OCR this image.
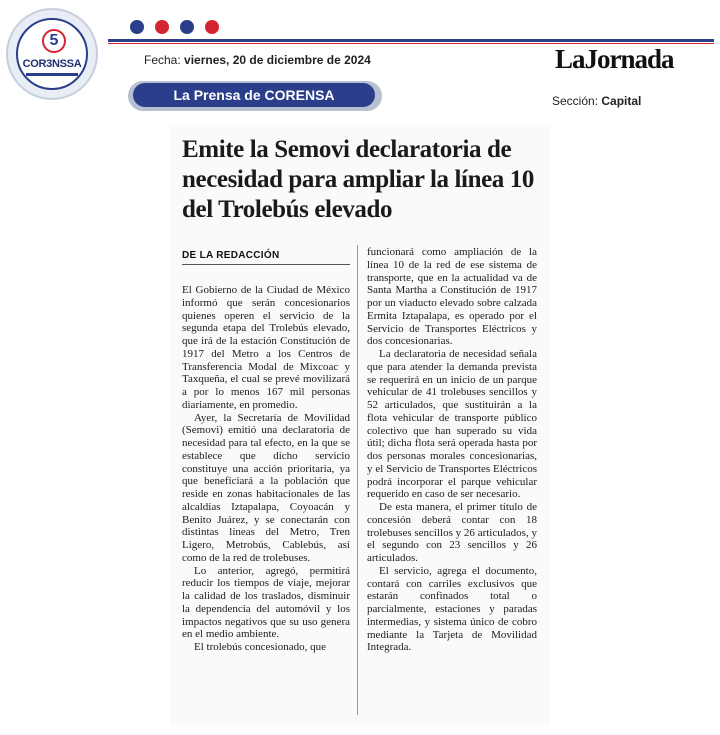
5
COR3NSSA	Fecha: viernes, 20 de diciembre de 2024	LaJornada
La Prensa de CORENSA	Sección: Capital
Emite la Semovi declaratoria de necesidad para ampliar la línea 10 del Trolebús elevado
DE LA REDACCIÓN

El Gobierno de la Ciudad de México informó que serán concesionarios quienes operen el servicio de la segunda etapa del Trolebús elevado, que irá de la estación Constitución de 1917 del Metro a los Centros de Transferencia Modal de Mixcoac y Taxqueña, el cual se prevé movilizará a por lo menos 167 mil personas diariamente, en promedio.

Ayer, la Secretaría de Movilidad (Semovi) emitió una declaratoria de necesidad para tal efecto, en la que se establece que dicho servicio constituye una acción prioritaria, ya que beneficiará a la población que reside en zonas habitacionales de las alcaldías Iztapalapa, Coyoacán y Benito Juárez, y se conectarán con distintas líneas del Metro, Tren Ligero, Metrobús, Cablebús, así como de la red de trolebuses.

Lo anterior, agregó, permitirá reducir los tiempos de viaje, mejorar la calidad de los traslados, disminuir la dependencia del automóvil y los impactos negativos que su uso genera en el medio ambiente.

El trolebús concesionado, que

funcionará como ampliación de la línea 10 de la red de ese sistema de transporte, que en la actualidad va de Santa Martha a Constitución de 1917 por un viaducto elevado sobre calzada Ermita Iztapalapa, es operado por el Servicio de Transportes Eléctricos y dos concesionarias.

La declaratoria de necesidad señala que para atender la demanda prevista se requerirá en un inicio de un parque vehicular de 41 trolebuses sencillos y 52 articulados, que sustituirán a la flota vehicular de transporte público colectivo que han superado su vida útil; dicha flota será operada hasta por dos personas morales concesionarias, y el Servicio de Transportes Eléctricos podrá incorporar el parque vehicular requerido en caso de ser necesario.

De esta manera, el primer título de concesión deberá contar con 18 trolebuses sencillos y 26 articulados, y el segundo con 23 sencillos y 26 articulados.

El servicio, agrega el documento, contará con carriles exclusivos que estarán confinados total o parcialmente, estaciones y paradas intermedias, y sistema único de cobro mediante la Tarjeta de Movilidad Integrada.
